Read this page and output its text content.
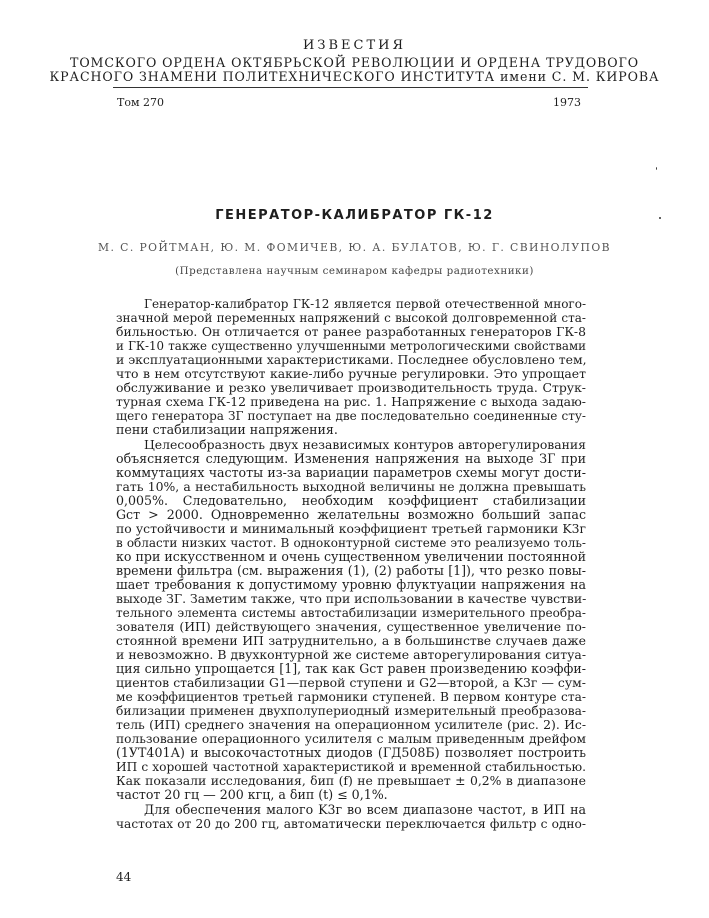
ИЗВЕСТИЯ
ТОМСКОГО ОРДЕНА ОКТЯБРЬСКОЙ РЕВОЛЮЦИИ И ОРДЕНА ТРУДОВОГО
КРАСНОГО ЗНАМЕНИ ПОЛИТЕХНИЧЕСКОГО ИНСТИТУТА имени С. М. КИРОВА
Том 270	1973
ГЕНЕРАТОР-КАЛИБРАТОР ГК-12
М. С. РОЙТМАН, Ю. М. ФОМИЧЕВ, Ю. А. БУЛАТОВ, Ю. Г. СВИНОЛУПОВ
(Представлена научным семинаром кафедры радиотехники)
Генератор-калибратор ГК-12 является первой отечественной много-
значной мерой переменных напряжений с высокой долговременной ста-
бильностью. Он отличается от ранее разработанных генераторов ГК-8
и ГК-10 также существенно улучшенными метрологическими свойствами
и эксплуатационными характеристиками. Последнее обусловлено тем,
что в нем отсутствуют какие-либо ручные регулировки. Это упрощает
обслуживание и резко увеличивает производительность труда. Струк-
турная схема ГК-12 приведена на рис. 1. Напряжение с выхода задаю-
щего генератора ЗГ поступает на две последовательно соединенные сту-
пени стабилизации напряжения.
Целесообразность двух независимых контуров авторегулирования
объясняется следующим. Изменения напряжения на выходе ЗГ при
коммутациях частоты из-за вариации параметров схемы могут дости-
гать 10%, а нестабильность выходной величины не должна превышать
0,005%. Следовательно, необходим коэффициент стабилизации
Gст > 2000. Одновременно желательны возможно больший запас
по устойчивости и минимальный коэффициент третьей гармоники K3г
в области низких частот. В одноконтурной системе это реализуемо толь-
ко при искусственном и очень существенном увеличении постоянной
времени фильтра (см. выражения (1), (2) работы [1]), что резко повы-
шает требования к допустимому уровню флуктуации напряжения на
выходе ЗГ. Заметим также, что при использовании в качестве чувстви-
тельного элемента системы автостабилизации измерительного преобра-
зователя (ИП) действующего значения, существенное увеличение по-
стоянной времени ИП затруднительно, а в большинстве случаев даже
и невозможно. В двухконтурной же системе авторегулирования ситуа-
ция сильно упрощается [1], так как Gст равен произведению коэффи-
циентов стабилизации G1—первой ступени и G2—второй, а K3г — сум-
ме коэффициентов третьей гармоники ступеней. В первом контуре ста-
билизации применен двухполупериодный измерительный преобразова-
тель (ИП) среднего значения на операционном усилителе (рис. 2). Ис-
пользование операционного усилителя с малым приведенным дрейфом
(1УТ401А) и высокочастотных диодов (ГД508Б) позволяет построить
ИП с хорошей частотной характеристикой и временной стабильностью.
Как показали исследования, δип (f) не превышает ± 0,2% в диапазоне
частот 20 гц — 200 кгц, а δип (t) ≤ 0,1%.
Для обеспечения малого K3г во всем диапазоне частот, в ИП на
частотах от 20 до 200 гц, автоматически переключается фильтр с одно-
44
